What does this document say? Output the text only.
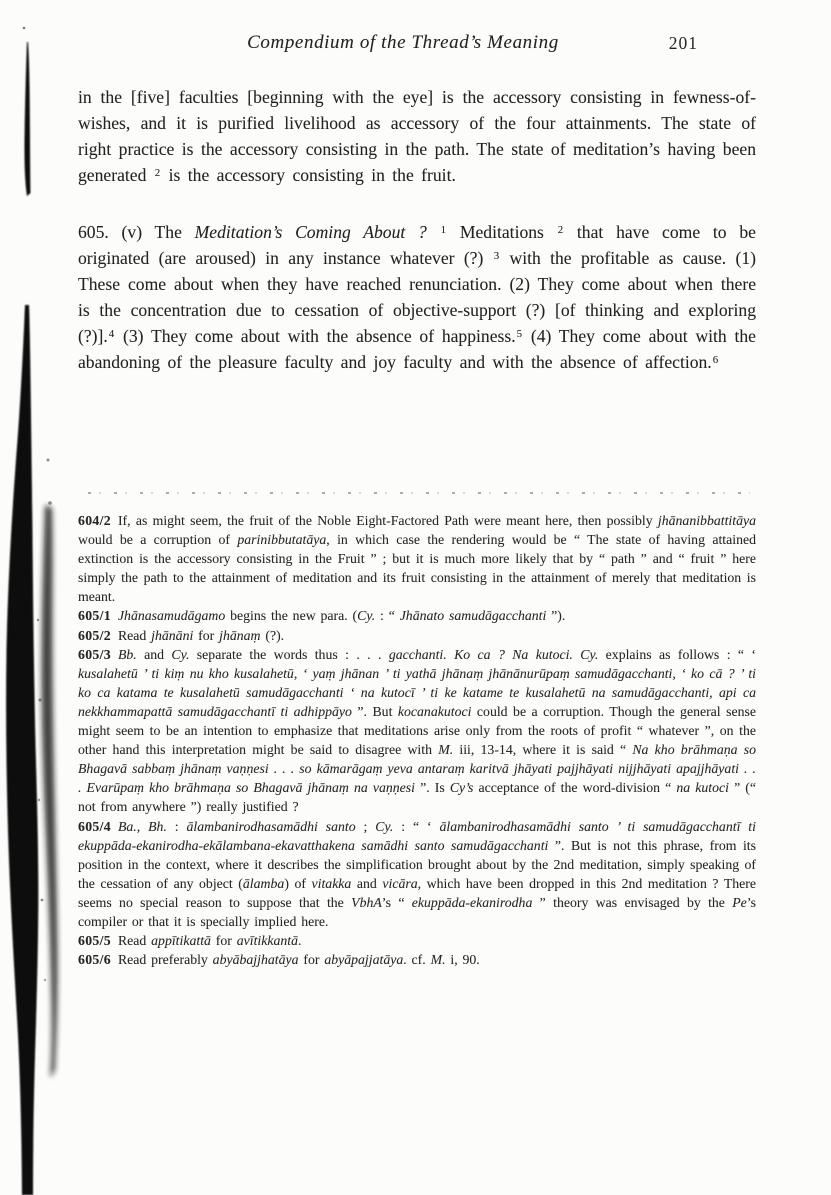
Compendium of the Thread’s Meaning	201

in the [five] faculties [beginning with the eye] is the accessory consisting in fewness-of-wishes, and it is purified livelihood as accessory of the four attainments. The state of right practice is the accessory consisting in the path. The state of meditation’s having been generated $^2$ is the accessory consisting in the fruit.

605. (v) The Meditation’s Coming About ? $^1$ Meditations $^2$ that have come to be originated (are aroused) in any instance whatever (?) $^3$ with the profitable as cause. (1) These come about when they have reached renunciation. (2) They come about when there is the concentration due to cessation of objective-support (?) [of thinking and exploring (?)].$^4$ (3) They come about with the absence of happiness.$^5$ (4) They come about with the abandoning of the pleasure faculty and joy faculty and with the absence of affection.$^6$

604/2 If, as might seem, the fruit of the Noble Eight-Factored Path were meant here, then possibly jhānanibbattitāya would be a corruption of parinibbutatāya, in which case the rendering would be “ The state of having attained extinction is the accessory consisting in the Fruit ” ; but it is much more likely that by “ path ” and “ fruit ” here simply the path to the attainment of meditation and its fruit consisting in the attainment of merely that meditation is meant.

605/1 Jhānasamudāgamo begins the new para. (Cy. : “ Jhānato samudāgacchanti ”).

605/2 Read jhānāni for jhānaṃ (?).

605/3 Bb. and Cy. separate the words thus : . . . gacchanti. Ko ca ? Na kutoci. Cy. explains as follows : “ ‘ kusalahetū ’ ti kiṃ nu kho kusalahetū, ‘ yaṃ jhānan ’ ti yathā jhānaṃ jhānānurūpaṃ samudāgacchanti, ‘ ko cā ? ’ ti ko ca katama te kusalahetū samudāgacchanti ‘ na kutocī ’ ti ke katame te kusalahetū na samudāgacchanti, api ca nekkhammapattā samudāgacchantī ti adhippāyo ”. But kocanakutoci could be a corruption. Though the general sense might seem to be an intention to emphasize that meditations arise only from the roots of profit “ whatever ”, on the other hand this interpretation might be said to disagree with M. iii, 13-14, where it is said “ Na kho brāhmaṇa so Bhagavā sabbaṃ jhānaṃ vaṇṇesi . . . so kāmarāgaṃ yeva antaraṃ karitvā jhāyati pajjhāyati nijjhāyati apajjhāyati . . . Evarūpaṃ kho brāhmaṇa so Bhagavā jhānaṃ na vaṇṇesi ”. Is Cy’s acceptance of the word-division “ na kutoci ” (“ not from anywhere ”) really justified ?

605/4 Ba., Bh. : ālambanirodhasamādhi santo ; Cy. : “ ‘ ālambanirodhasamādhi santo ’ ti samudāgacchantī ti ekuppāda-ekanirodha-ekālambana-ekavatthakena samādhi santo samudāgacchanti ”. But is not this phrase, from its position in the context, where it describes the simplification brought about by the 2nd meditation, simply speaking of the cessation of any object (ālamba) of vitakka and vicāra, which have been dropped in this 2nd meditation ? There seems no special reason to suppose that the VbhA’s “ ekuppāda-ekanirodha ” theory was envisaged by the Pe’s compiler or that it is specially implied here.

605/5 Read appītikattā for avītikkantā.

605/6 Read preferably abyābajjhatāya for abyāpajjatāya. cf. M. i, 90.
